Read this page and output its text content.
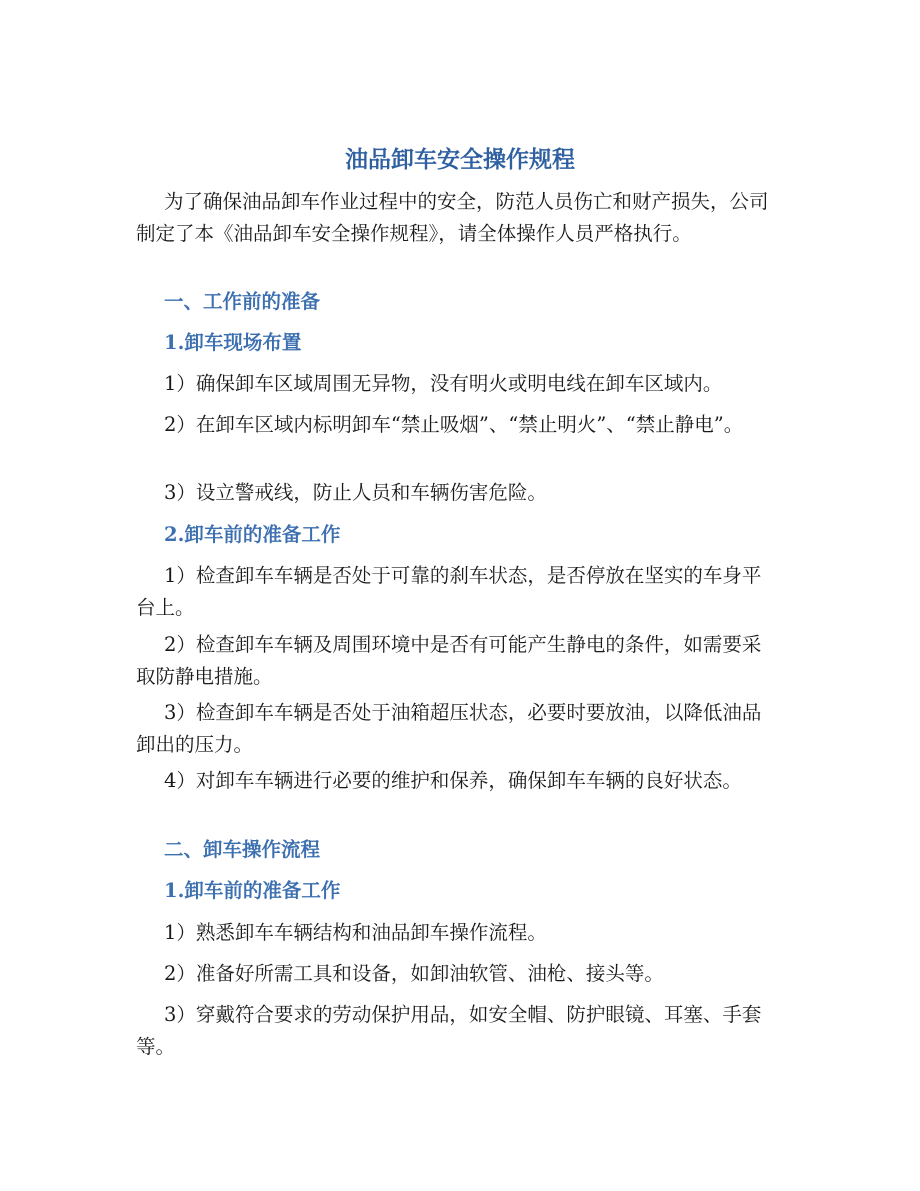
油品卸车安全操作规程

为了确保油品卸车作业过程中的安全，防范人员伤亡和财产损失，公司制定了本《油品卸车安全操作规程》，请全体操作人员严格执行。

一、工作前的准备
1.卸车现场布置

1）确保卸车区域周围无异物，没有明火或明电线在卸车区域内。

2）在卸车区域内标明卸车“禁止吸烟”、“禁止明火”、“禁止静电”。

3）设立警戒线，防止人员和车辆伤害危险。

2.卸车前的准备工作

1）检查卸车车辆是否处于可靠的刹车状态，是否停放在坚实的车身平台上。

2）检查卸车车辆及周围环境中是否有可能产生静电的条件，如需要采取防静电措施。

3）检查卸车车辆是否处于油箱超压状态，必要时要放油，以降低油品卸出的压力。

4）对卸车车辆进行必要的维护和保养，确保卸车车辆的良好状态。

二、卸车操作流程
1.卸车前的准备工作

1）熟悉卸车车辆结构和油品卸车操作流程。

2）准备好所需工具和设备，如卸油软管、油枪、接头等。

3）穿戴符合要求的劳动保护用品，如安全帽、防护眼镜、耳塞、手套等。
